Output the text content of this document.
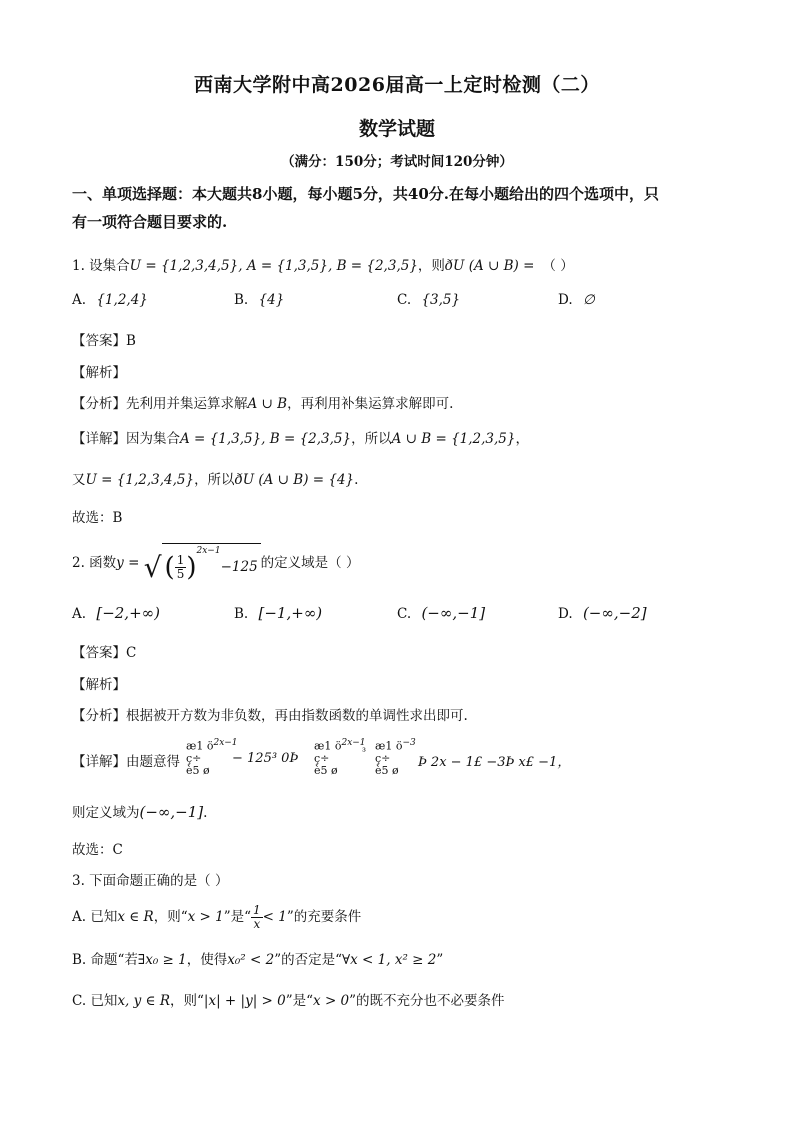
西南大学附中高2026届高一上定时检测（二）
数学试题
（满分：150分；考试时间120分钟）
一、单项选择题：本大题共8小题，每小题5分，共40分.在每小题给出的四个选项中，只
有一项符合题目要求的.
1. 设集合U = {1,2,3,4,5}, A = {1,3,5}, B = {2,3,5}，则ðU (A ∪ B) = （ ）
A. {1,2,4}	B. {4}	C. {3,5}	D. ∅
【答案】B
【解析】
【分析】先利用并集运算求解A ∪ B，再利用补集运算求解即可.
【详解】因为集合A = {1,3,5}, B = {2,3,5}，所以A ∪ B = {1,2,3,5}，
又U = {1,2,3,4,5}，所以ðU (A ∪ B) = {4}.
故选：B
2. 函数y = √ ( $\frac{1}{5} )^{2x-1}-125$ 的定义域是（ ）
A. [−2,+∞)	B. [−1,+∞)	C. (−∞,−1]	D. (−∞,−2]
【答案】C
【解析】
【分析】根据被开方数为非负数，再由指数函数的单调性求出即可.
【详解】由题意得
æ1 $ö^{2x-1}$
ç÷
è5 ø
− 125³ 0Þ
æ1 $ö^{2x-1}$
ç÷
è5 ø
³ æ1 $ö^{-3}$
ç÷
è5 ø
Þ 2x − 1£ −3Þ x£ −1，
则定义域为(−∞,−1].
故选：C
3. 下面命题正确的是（ ）
A. 已知x ∈ R，则“x > 1”是“ $\frac{1}{x} < 1$”的充要条件
B. 命题“若∃x₀ ≥ 1，使得x₀² < 2”的否定是“∀x < 1, x² ≥ 2”
C. 已知x, y ∈ R，则“|x| + |y| > 0”是“x > 0”的既不充分也不必要条件
